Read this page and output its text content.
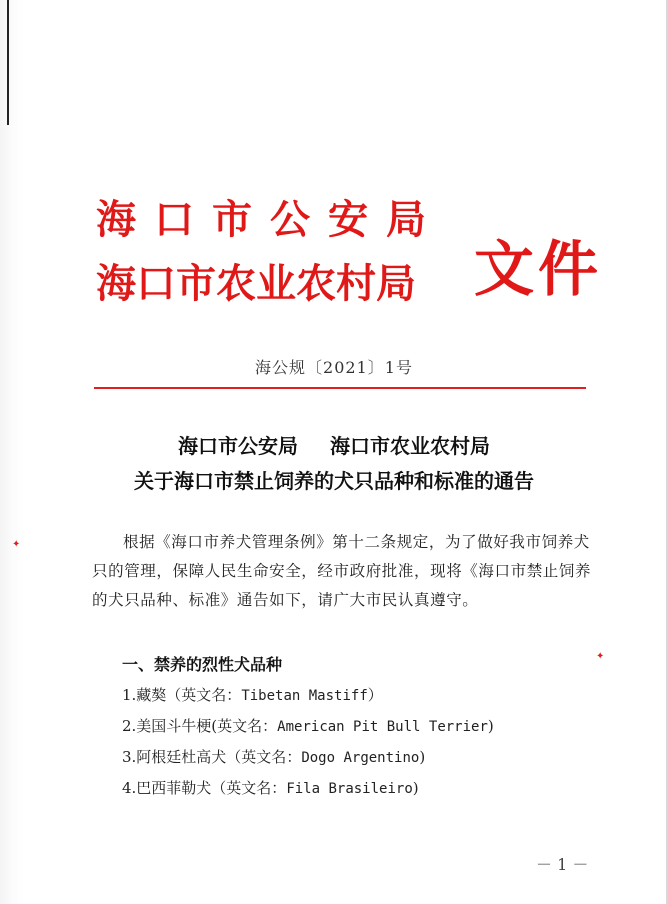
海口市公安局
海口市农业农村局 文件
海公规〔2021〕1号
海口市公安局 海口市农业农村局
关于海口市禁止饲养的犬只品种和标准的通告
根据《海口市养犬管理条例》第十二条规定，为了做好我市饲养犬只的管理，保障人民生命安全，经市政府批准，现将《海口市禁止饲养的犬只品种、标准》通告如下，请广大市民认真遵守。
一、禁养的烈性犬品种
1.藏獒（英文名：Tibetan Mastiff）
2.美国斗牛梗(英文名：American Pit Bull Terrier)
3.阿根廷杜高犬（英文名：Dogo Argentino)
4.巴西菲勒犬（英文名：Fila Brasileiro)
－ 1 －
✦
✦
